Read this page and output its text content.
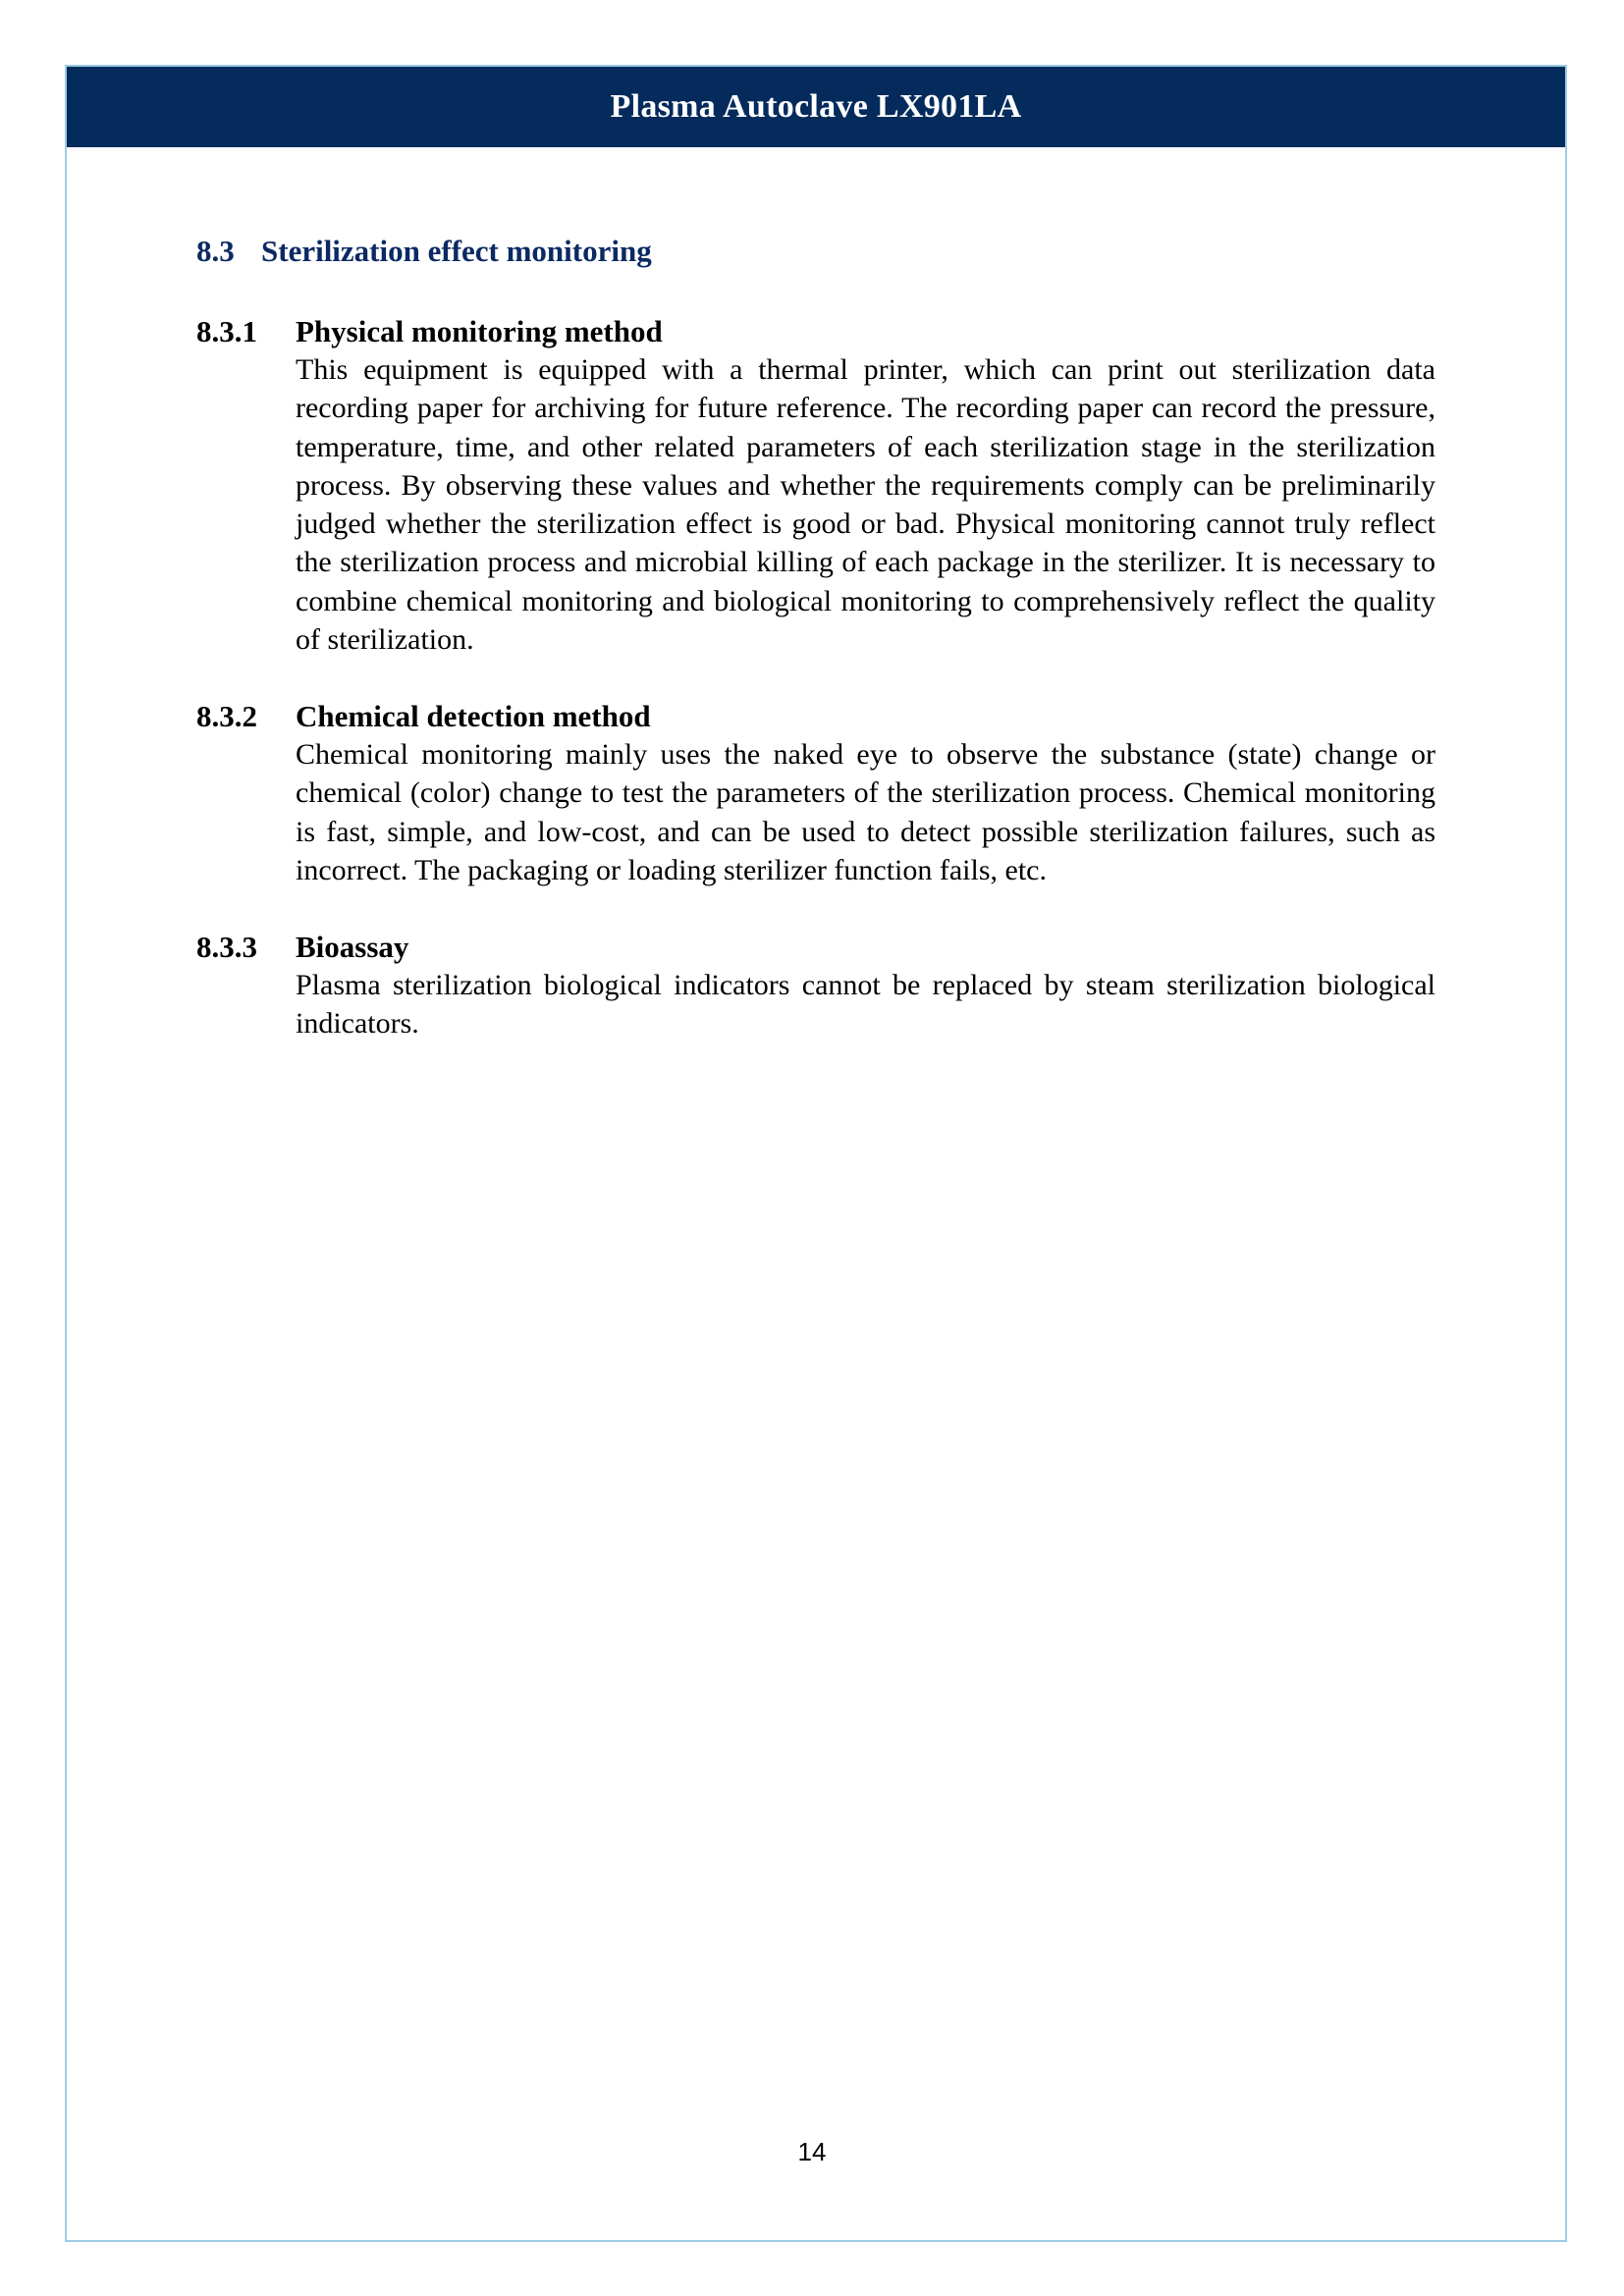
Plasma Autoclave LX901LA
8.3 Sterilization effect monitoring
8.3.1 Physical monitoring method
This equipment is equipped with a thermal printer, which can print out sterilization data recording paper for archiving for future reference. The recording paper can record the pressure, temperature, time, and other related parameters of each sterilization stage in the sterilization process. By observing these values and whether the requirements comply can be preliminarily judged whether the sterilization effect is good or bad. Physical monitoring cannot truly reflect the sterilization process and microbial killing of each package in the sterilizer. It is necessary to combine chemical monitoring and biological monitoring to comprehensively reflect the quality of sterilization.
8.3.2 Chemical detection method
Chemical monitoring mainly uses the naked eye to observe the substance (state) change or chemical (color) change to test the parameters of the sterilization process. Chemical monitoring is fast, simple, and low-cost, and can be used to detect possible sterilization failures, such as incorrect. The packaging or loading sterilizer function fails, etc.
8.3.3 Bioassay
Plasma sterilization biological indicators cannot be replaced by steam sterilization biological indicators.
14
